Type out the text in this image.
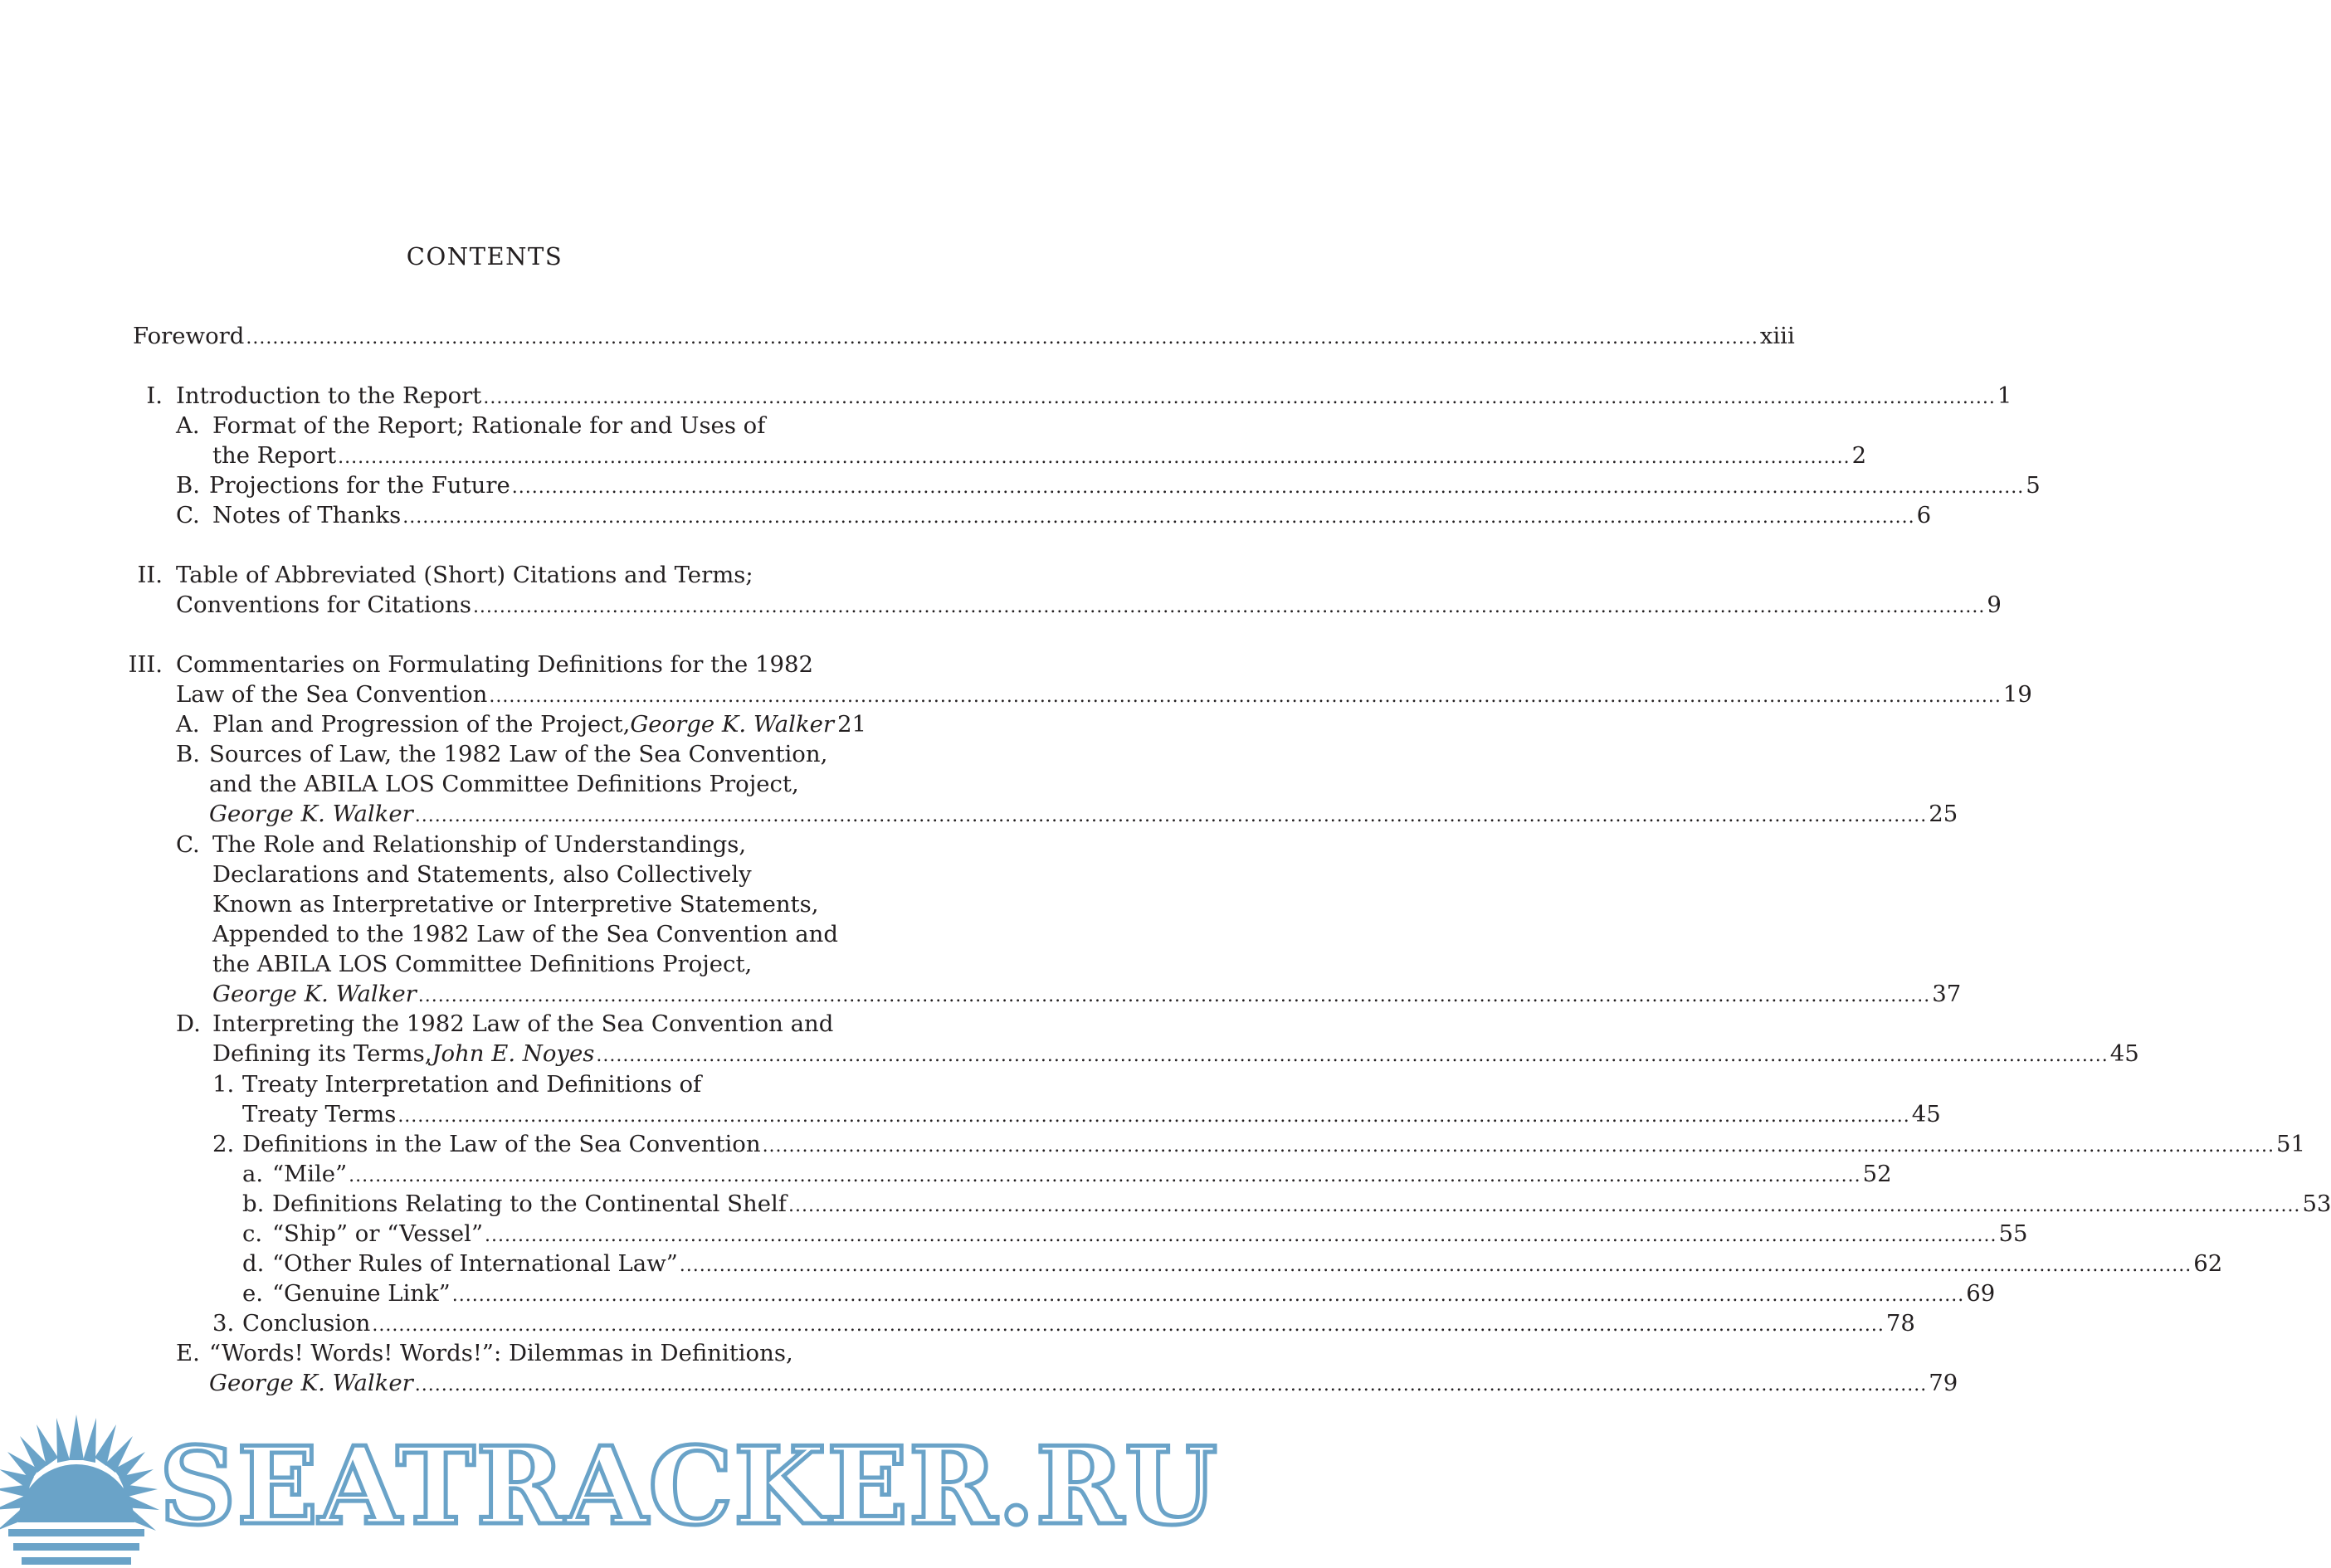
CONTENTS
Foreword .....	xiii
I. Introduction to the Report .....	1
A. Format of the Report; Rationale for and Uses of
the Report .....	2
B. Projections for the Future .....	5
C. Notes of Thanks .....	6
II. Table of Abbreviated (Short) Citations and Terms;
Conventions for Citations .....	9
III. Commentaries on Formulating Definitions for the 1982
Law of the Sea Convention .....	19
A. Plan and Progression of the Project, George K. Walker 21
B. Sources of Law, the 1982 Law of the Sea Convention,
and the ABILA LOS Committee Definitions Project,
George K. Walker .....	25
C. The Role and Relationship of Understandings,
Declarations and Statements, also Collectively
Known as Interpretative or Interpretive Statements,
Appended to the 1982 Law of the Sea Convention and
the ABILA LOS Committee Definitions Project,
George K. Walker .....	37
D. Interpreting the 1982 Law of the Sea Convention and
Defining its Terms, John E. Noyes .....	45
1. Treaty Interpretation and Definitions of
Treaty Terms .....	45
2. Definitions in the Law of the Sea Convention .....	51
a. “Mile” .....	52
b. Definitions Relating to the Continental Shelf .....	53
c. “Ship” or “Vessel” .....	55
d. “Other Rules of International Law” .....	62
e. “Genuine Link” .....	69
3. Conclusion .....	78
E. “Words! Words! Words!”: Dilemmas in Definitions,
George K. Walker .....	79
SEATRACKER.RU
